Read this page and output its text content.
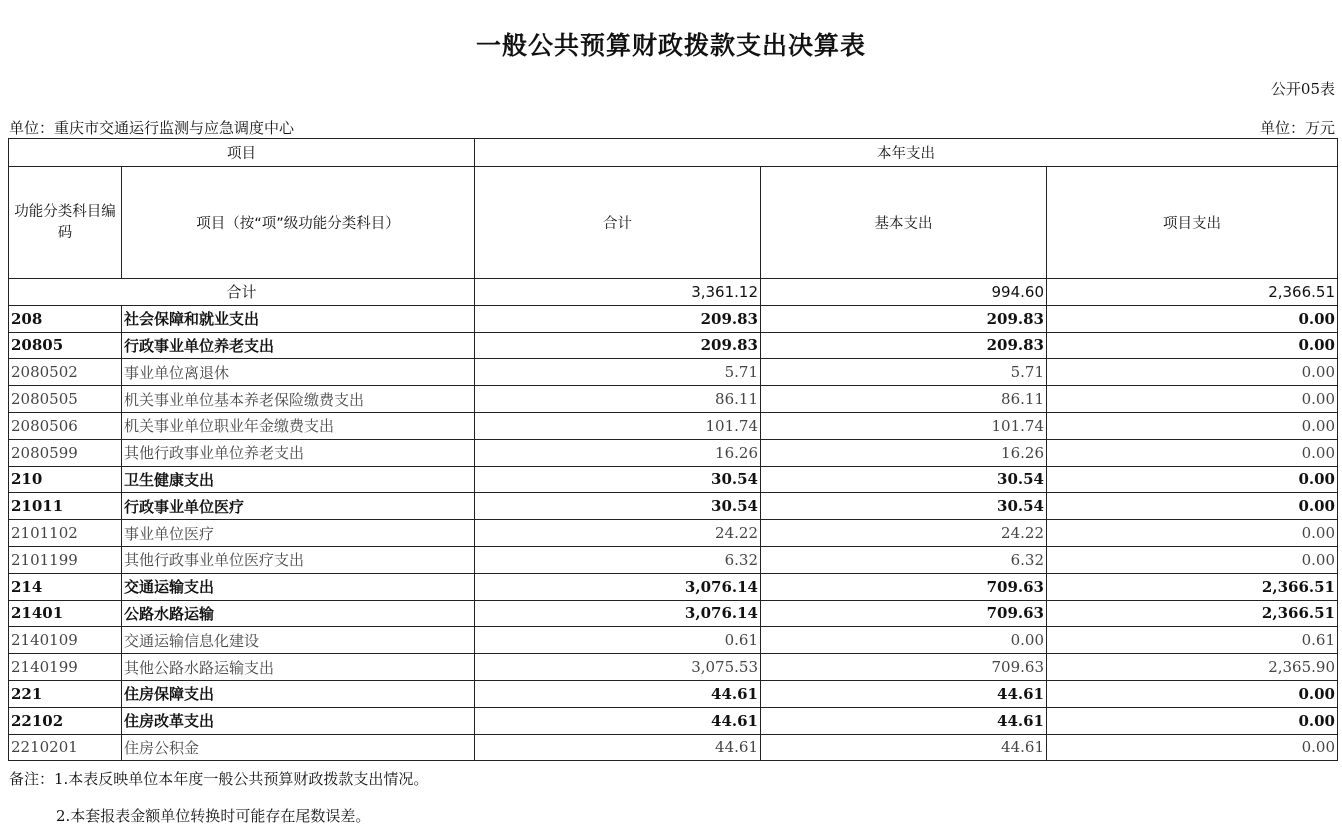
一般公共预算财政拨款支出决算表
公开05表
单位：重庆市交通运行监测与应急调度中心	单位：万元
项目		本年支出		
功能分类科目编码	项目（按“项”级功能分类科目）	合计	基本支出	项目支出
合计		3,361.12	994.60	2,366.51
208	社会保障和就业支出	209.83	209.83	0.00
20805	行政事业单位养老支出	209.83	209.83	0.00
2080502	事业单位离退休	5.71	5.71	0.00
2080505	机关事业单位基本养老保险缴费支出	86.11	86.11	0.00
2080506	机关事业单位职业年金缴费支出	101.74	101.74	0.00
2080599	其他行政事业单位养老支出	16.26	16.26	0.00
210	卫生健康支出	30.54	30.54	0.00
21011	行政事业单位医疗	30.54	30.54	0.00
2101102	事业单位医疗	24.22	24.22	0.00
2101199	其他行政事业单位医疗支出	6.32	6.32	0.00
214	交通运输支出	3,076.14	709.63	2,366.51
21401	公路水路运输	3,076.14	709.63	2,366.51
2140109	交通运输信息化建设	0.61	0.00	0.61
2140199	其他公路水路运输支出	3,075.53	709.63	2,365.90
221	住房保障支出	44.61	44.61	0.00
22102	住房改革支出	44.61	44.61	0.00
2210201	住房公积金	44.61	44.61	0.00
备注：1.本表反映单位本年度一般公共预算财政拨款支出情况。
2.本套报表金额单位转换时可能存在尾数误差。
